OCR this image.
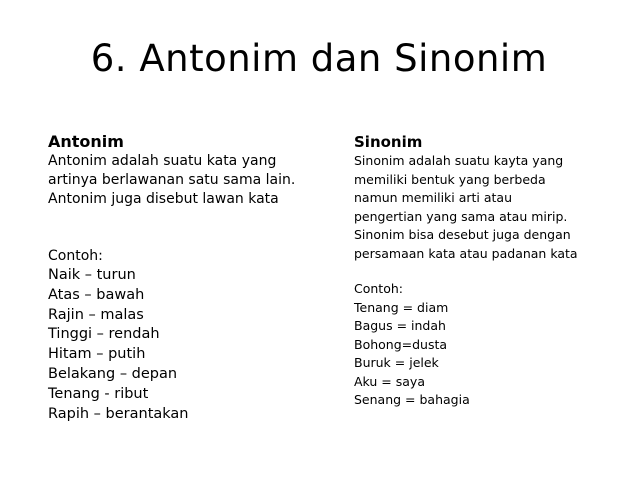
6. Antonim dan Sinonim

Antonim

Antonim adalah suatu kata yang

artinya berlawanan satu sama lain.

Antonim juga disebut lawan kata

Contoh:

Naik – turun

Atas – bawah

Rajin – malas

Tinggi – rendah

Hitam – putih

Belakang – depan

Tenang - ribut

Rapih – berantakan

Sinonim

Sinonim adalah suatu kayta yang

memiliki bentuk yang berbeda

namun memiliki arti atau

pengertian yang sama atau mirip.

Sinonim bisa desebut juga dengan

persamaan kata atau padanan kata

Contoh:

Tenang = diam

Bagus = indah

Bohong=dusta

Buruk = jelek

Aku = saya

Senang = bahagia
